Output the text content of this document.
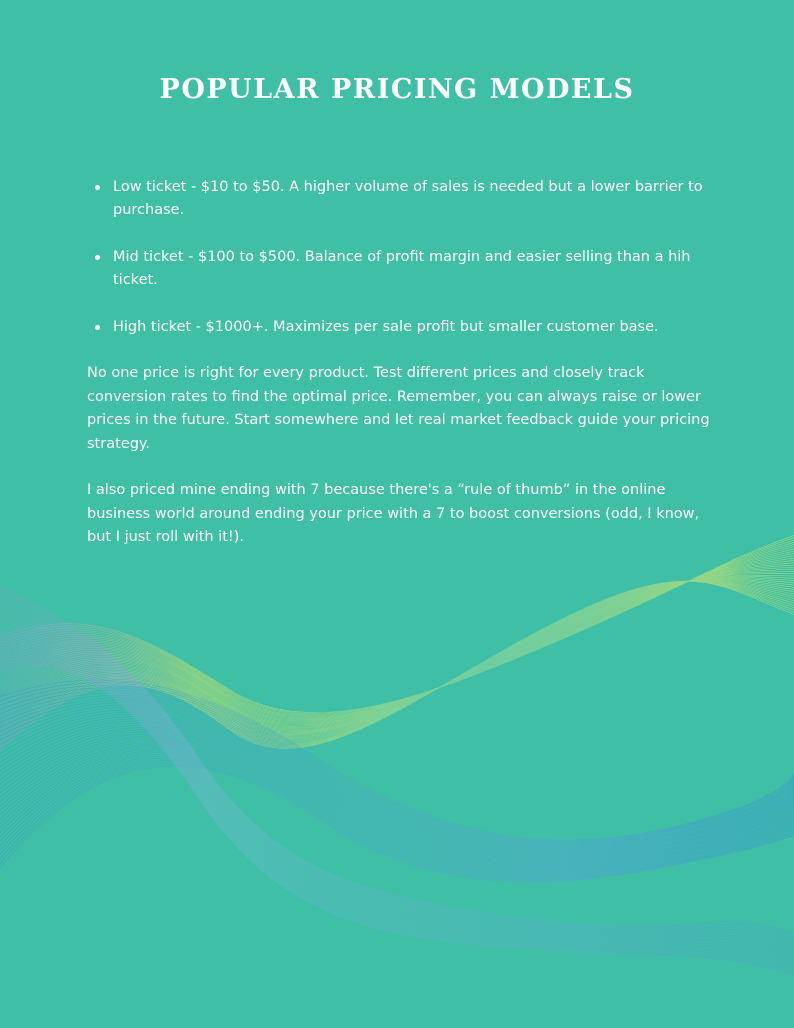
POPULAR PRICING MODELS
Low ticket - $10 to $50. A higher volume of sales is needed but a lower barrier to purchase.
Mid ticket - $100 to $500. Balance of profit margin and easier selling than a hih ticket.
High ticket - $1000+. Maximizes per sale profit but smaller customer base.

No one price is right for every product. Test different prices and closely track conversion rates to find the optimal price. Remember, you can always raise or lower prices in the future. Start somewhere and let real market feedback guide your pricing strategy.

I also priced mine ending with 7 because there's a “rule of thumb” in the online business world around ending your price with a 7 to boost conversions (odd, I know, but I just roll with it!).
